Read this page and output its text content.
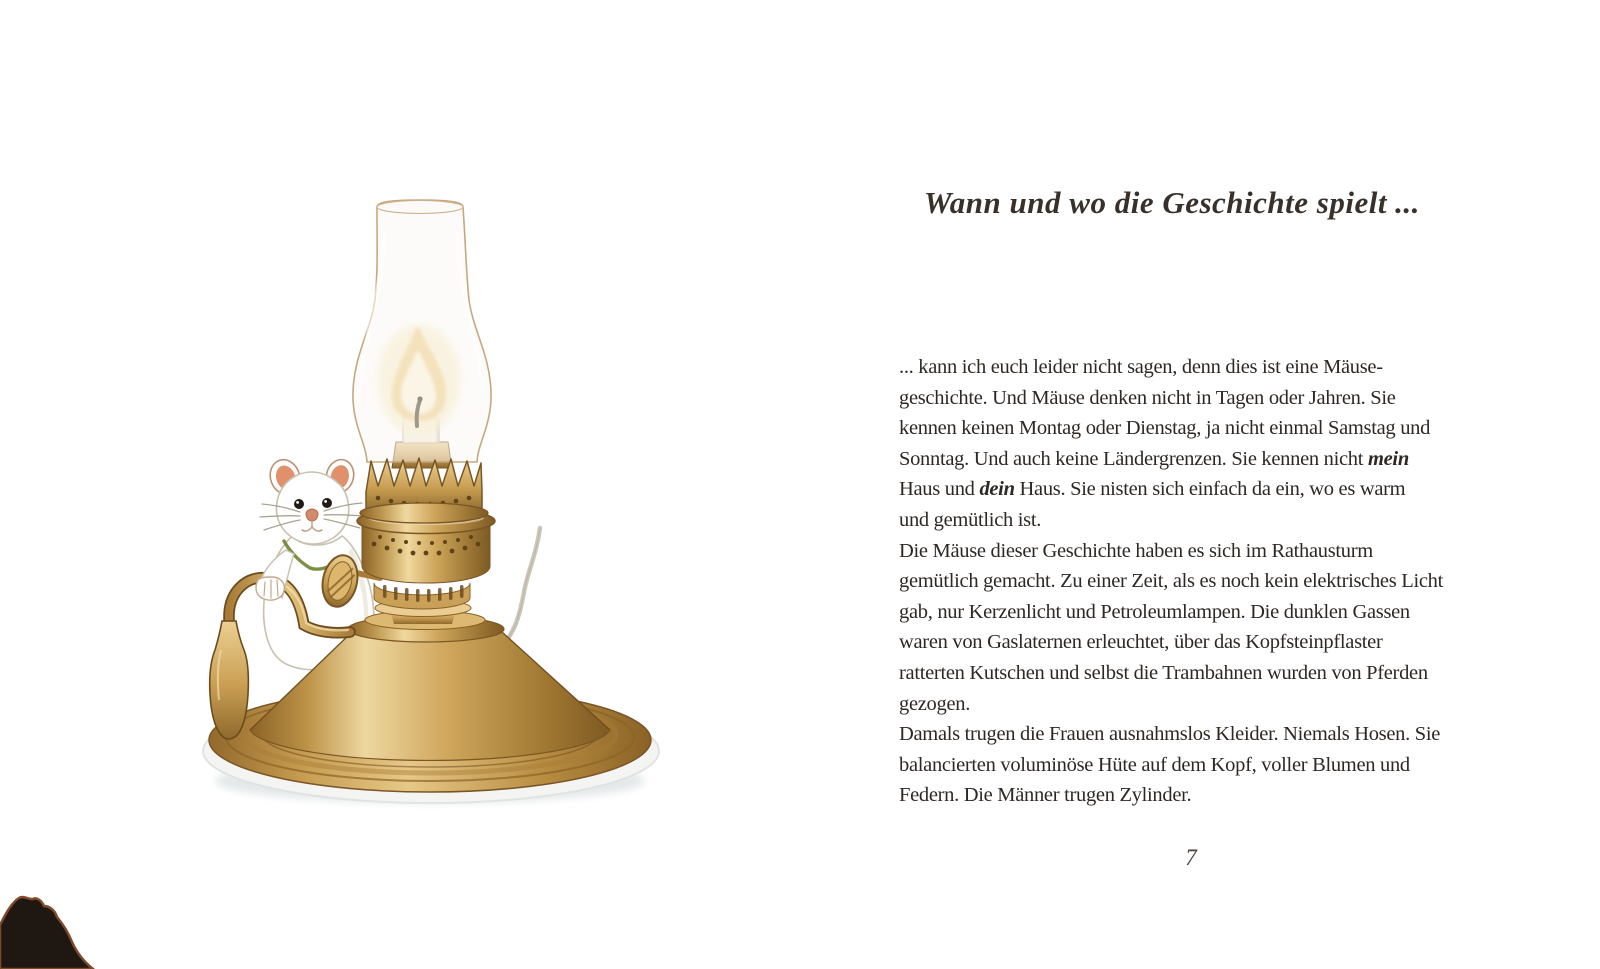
Wann und wo die Geschichte spielt ...
... kann ich euch leider nicht sagen, denn dies ist eine Mäuse-
geschichte. Und Mäuse denken nicht in Tagen oder Jahren. Sie
kennen keinen Montag oder Dienstag, ja nicht einmal Samstag und
Sonntag. Und auch keine Ländergrenzen. Sie kennen nicht mein
Haus und dein Haus. Sie nisten sich einfach da ein, wo es warm
und gemütlich ist.
Die Mäuse dieser Geschichte haben es sich im Rathausturm
gemütlich gemacht. Zu einer Zeit, als es noch kein elektrisches Licht
gab, nur Kerzenlicht und Petroleumlampen. Die dunklen Gassen
waren von Gaslaternen erleuchtet, über das Kopfsteinpflaster
ratterten Kutschen und selbst die Trambahnen wurden von Pferden
gezogen.
Damals trugen die Frauen ausnahmslos Kleider. Niemals Hosen. Sie
balancierten voluminöse Hüte auf dem Kopf, voller Blumen und
Federn. Die Männer trugen Zylinder.
7
